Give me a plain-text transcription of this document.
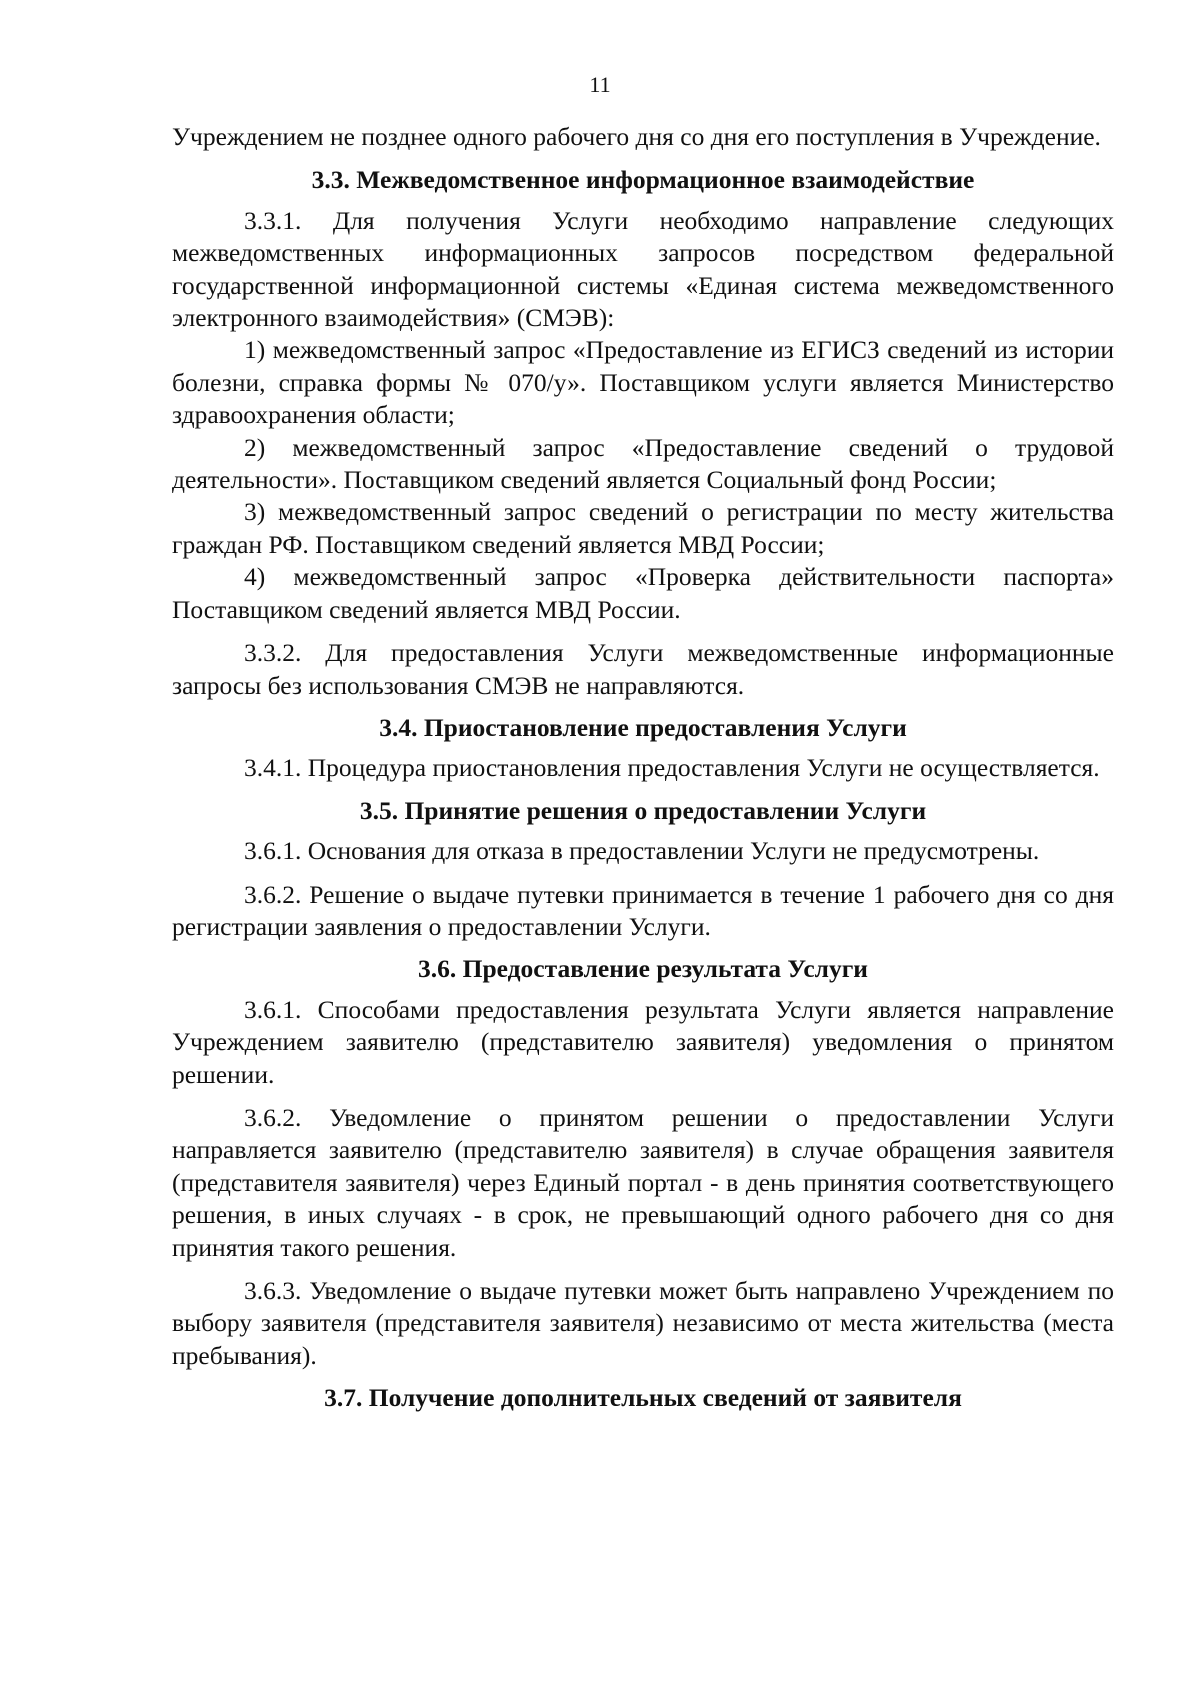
11

Учреждением не позднее одного рабочего дня со дня его поступления в Учреждение.

3.3. Межведомственное информационное взаимодействие

3.3.1. Для получения Услуги необходимо направление следующих межведомственных информационных запросов посредством федеральной государственной информационной системы «Единая система межведомственного электронного взаимодействия» (СМЭВ):

1) межведомственный запрос «Предоставление из ЕГИСЗ сведений из истории болезни, справка формы № 070/у». Поставщиком услуги является Министерство здравоохранения области;

2) межведомственный запрос «Предоставление сведений о трудовой деятельности». Поставщиком сведений является Социальный фонд России;

3) межведомственный запрос сведений о регистрации по месту жительства граждан РФ. Поставщиком сведений является МВД России;

4) межведомственный запрос «Проверка действительности паспорта» Поставщиком сведений является МВД России.

3.3.2. Для предоставления Услуги межведомственные информационные запросы без использования СМЭВ не направляются.

3.4. Приостановление предоставления Услуги

3.4.1. Процедура приостановления предоставления Услуги не осуществляется.

3.5. Принятие решения о предоставлении Услуги

3.6.1. Основания для отказа в предоставлении Услуги не предусмотрены.

3.6.2. Решение о выдаче путевки принимается в течение 1 рабочего дня со дня регистрации заявления о предоставлении Услуги.

3.6. Предоставление результата Услуги

3.6.1. Способами предоставления результата Услуги является направление Учреждением заявителю (представителю заявителя) уведомления о принятом решении.

3.6.2. Уведомление о принятом решении о предоставлении Услуги направляется заявителю (представителю заявителя) в случае обращения заявителя (представителя заявителя) через Единый портал - в день принятия соответствующего решения, в иных случаях - в срок, не превышающий одного рабочего дня со дня принятия такого решения.

3.6.3. Уведомление о выдаче путевки может быть направлено Учреждением по выбору заявителя (представителя заявителя) независимо от места жительства (места пребывания).

3.7. Получение дополнительных сведений от заявителя
